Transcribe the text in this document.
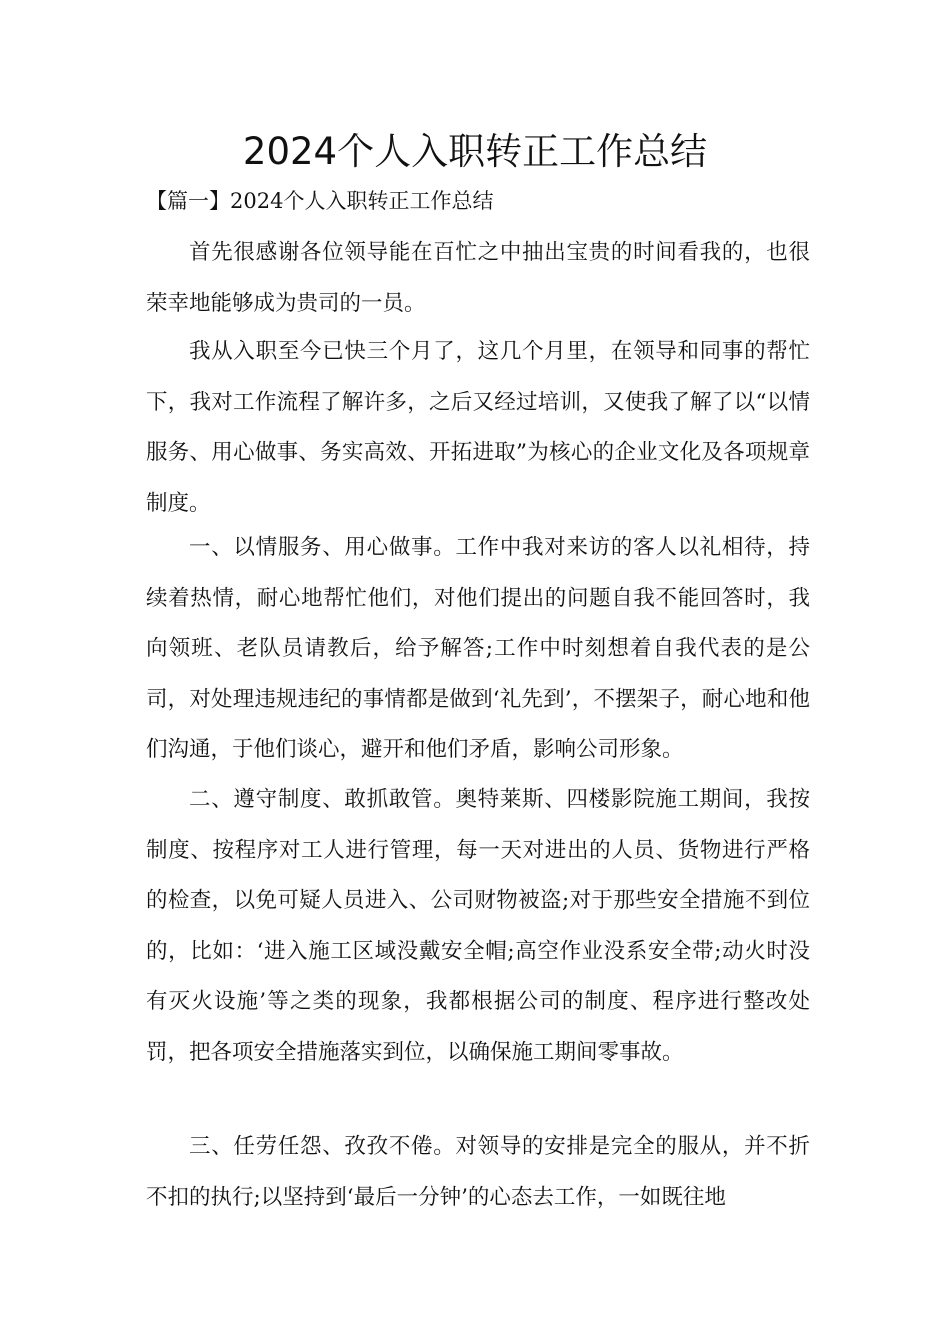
2024个人入职转正工作总结
【篇一】2024个人入职转正工作总结

首先很感谢各位领导能在百忙之中抽出宝贵的时间看我的，也很荣幸地能够成为贵司的一员。

我从入职至今已快三个月了，这几个月里，在领导和同事的帮忙下，我对工作流程了解许多，之后又经过培训，又使我了解了以“以情服务、用心做事、务实高效、开拓进取”为核心的企业文化及各项规章制度。

一、以情服务、用心做事。工作中我对来访的客人以礼相待，持续着热情，耐心地帮忙他们，对他们提出的问题自我不能回答时，我向领班、老队员请教后，给予解答;工作中时刻想着自我代表的是公司，对处理违规违纪的事情都是做到‘礼先到’，不摆架子，耐心地和他们沟通，于他们谈心，避开和他们矛盾，影响公司形象。

二、遵守制度、敢抓敢管。奥特莱斯、四楼影院施工期间，我按制度、按程序对工人进行管理，每一天对进出的人员、货物进行严格的检查，以免可疑人员进入、公司财物被盗;对于那些安全措施不到位的，比如：‘进入施工区域没戴安全帽;高空作业没系安全带;动火时没有灭火设施’等之类的现象，我都根据公司的制度、程序进行整改处罚，把各项安全措施落实到位，以确保施工期间零事故。

三、任劳任怨、孜孜不倦。对领导的安排是完全的服从，并不折不扣的执行;以坚持到‘最后一分钟’的心态去工作，一如既往地
